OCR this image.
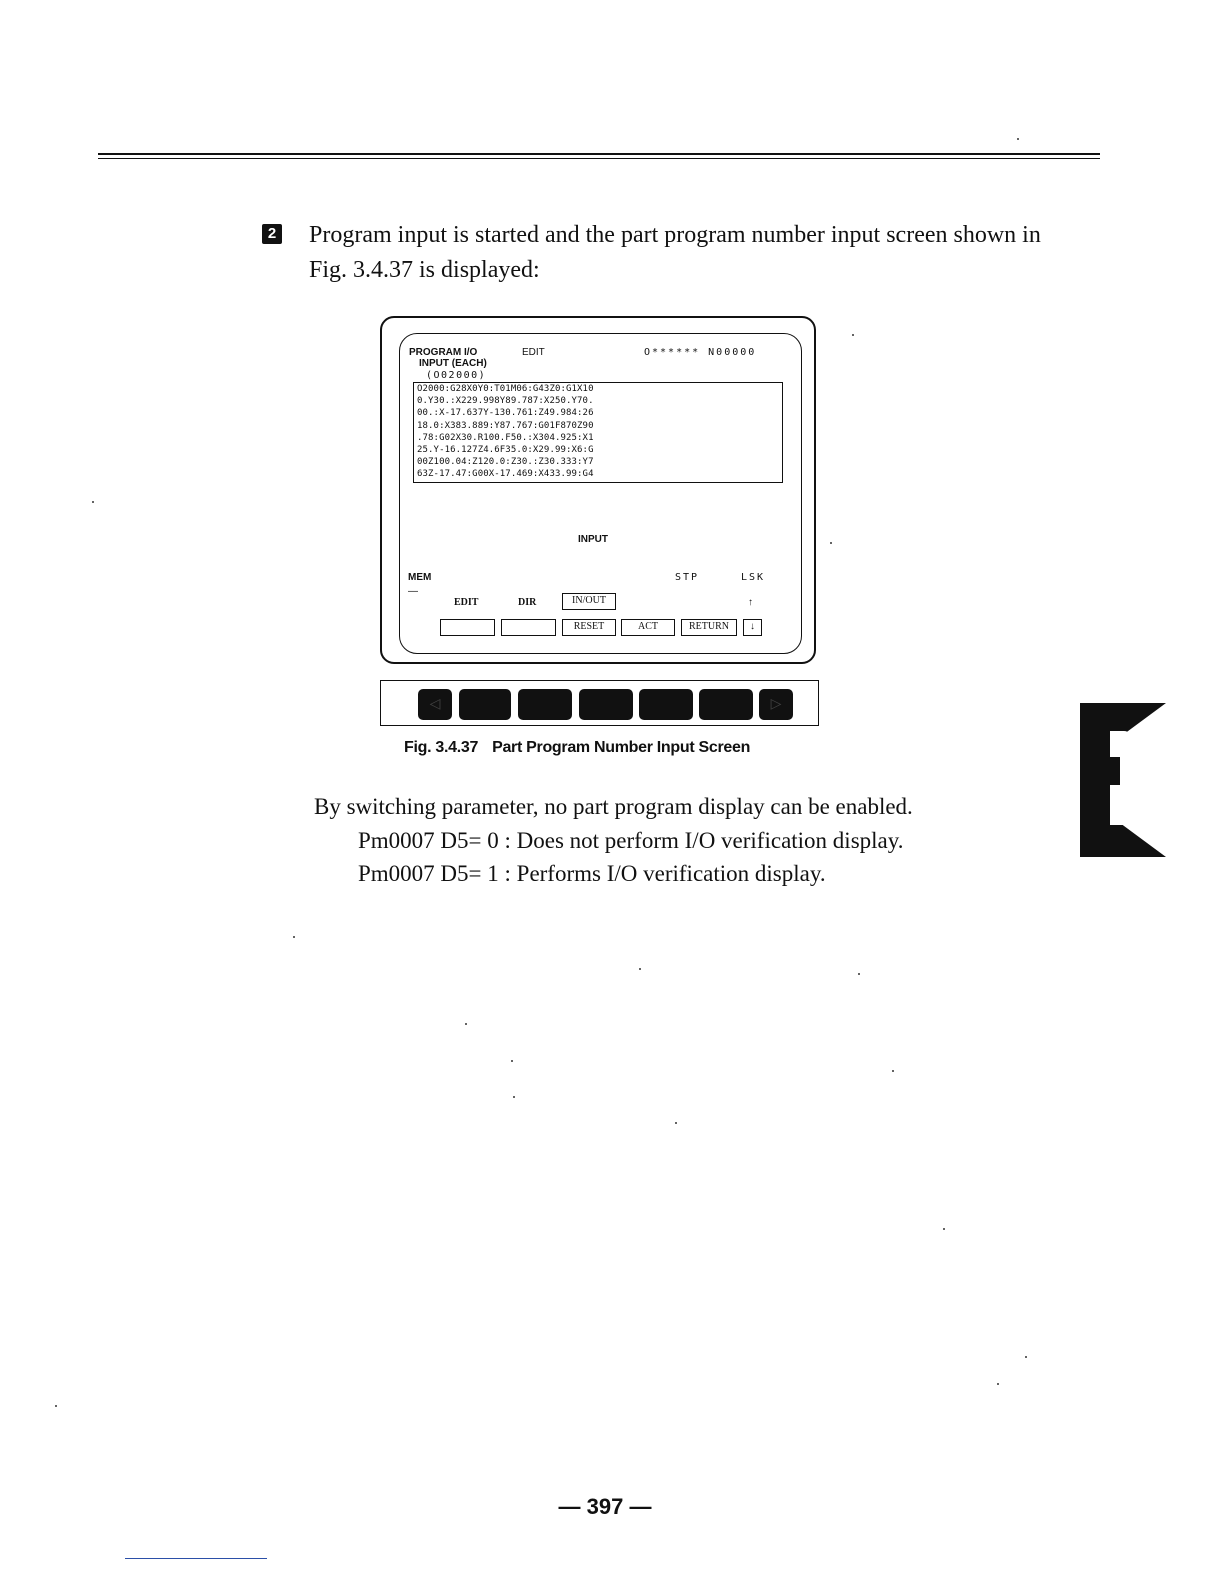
2 Program input is started and the part program number input screen shown in Fig. 3.4.37 is displayed:
PROGRAM I/O	EDIT	O****** N00000
INPUT (EACH)
(O02000)
O2000:G28X0Y0:T01M06:G43Z0:G1X10
0.Y30.:X229.998Y89.787:X250.Y70.
00.:X-17.637Y-130.761:Z49.984:26
18.0:X383.889:Y87.767:G01F870Z90
.78:G02X30.R100.F50.:X304.925:X1
25.Y-16.127Z4.6F35.0:X29.99:X6:G
00Z100.04:Z120.0:Z30.:Z30.333:Y7
63Z-17.47:G00X-17.469:X433.99:G4
INPUT
MEM
—
STP	LSK
EDIT	DIR	IN/OUT	↑
RESET	ACT	RETURN	↓
◁	▷
Fig. 3.4.37 Part Program Number Input Screen
By switching parameter, no part program display can be enabled.
Pm0007 D5= 0 : Does not perform I/O verification display.
Pm0007 D5= 1 : Performs I/O verification display.
— 397 —
